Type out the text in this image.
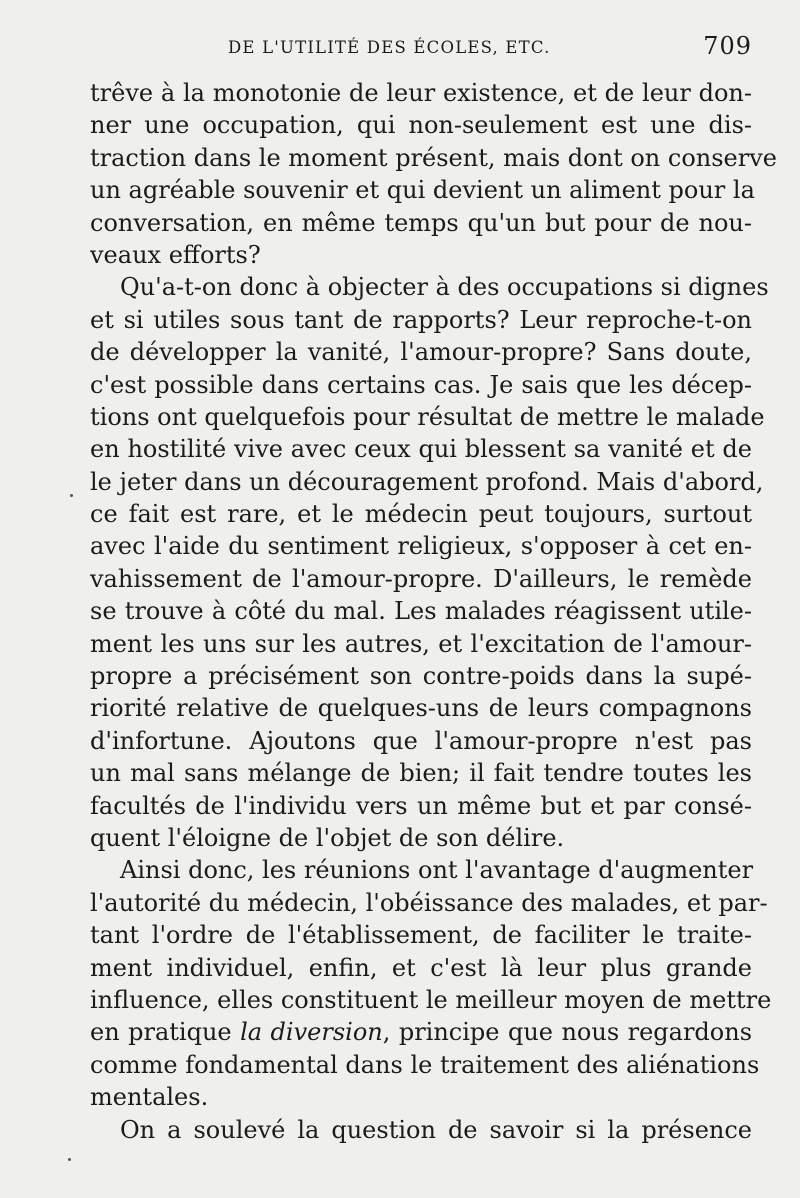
DE L'UTILITÉ DES ÉCOLES, ETC.	709
trêve à la monotonie de leur existence, et de leur don-
ner une occupation, qui non-seulement est une dis-
traction dans le moment présent, mais dont on conserve
un agréable souvenir et qui devient un aliment pour la
conversation, en même temps qu'un but pour de nou-
veaux efforts?
Qu'a-t-on donc à objecter à des occupations si dignes
et si utiles sous tant de rapports? Leur reproche-t-on
de développer la vanité, l'amour-propre? Sans doute,
c'est possible dans certains cas. Je sais que les décep-
tions ont quelquefois pour résultat de mettre le malade
en hostilité vive avec ceux qui blessent sa vanité et de
le jeter dans un découragement profond. Mais d'abord,
ce fait est rare, et le médecin peut toujours, surtout
avec l'aide du sentiment religieux, s'opposer à cet en-
vahissement de l'amour-propre. D'ailleurs, le remède
se trouve à côté du mal. Les malades réagissent utile-
ment les uns sur les autres, et l'excitation de l'amour-
propre a précisément son contre-poids dans la supé-
riorité relative de quelques-uns de leurs compagnons
d'infortune. Ajoutons que l'amour-propre n'est pas
un mal sans mélange de bien; il fait tendre toutes les
facultés de l'individu vers un même but et par consé-
quent l'éloigne de l'objet de son délire.
Ainsi donc, les réunions ont l'avantage d'augmenter
l'autorité du médecin, l'obéissance des malades, et par-
tant l'ordre de l'établissement, de faciliter le traite-
ment individuel, enfin, et c'est là leur plus grande
influence, elles constituent le meilleur moyen de mettre
en pratique la diversion, principe que nous regardons
comme fondamental dans le traitement des aliénations
mentales.
On a soulevé la question de savoir si la présence
